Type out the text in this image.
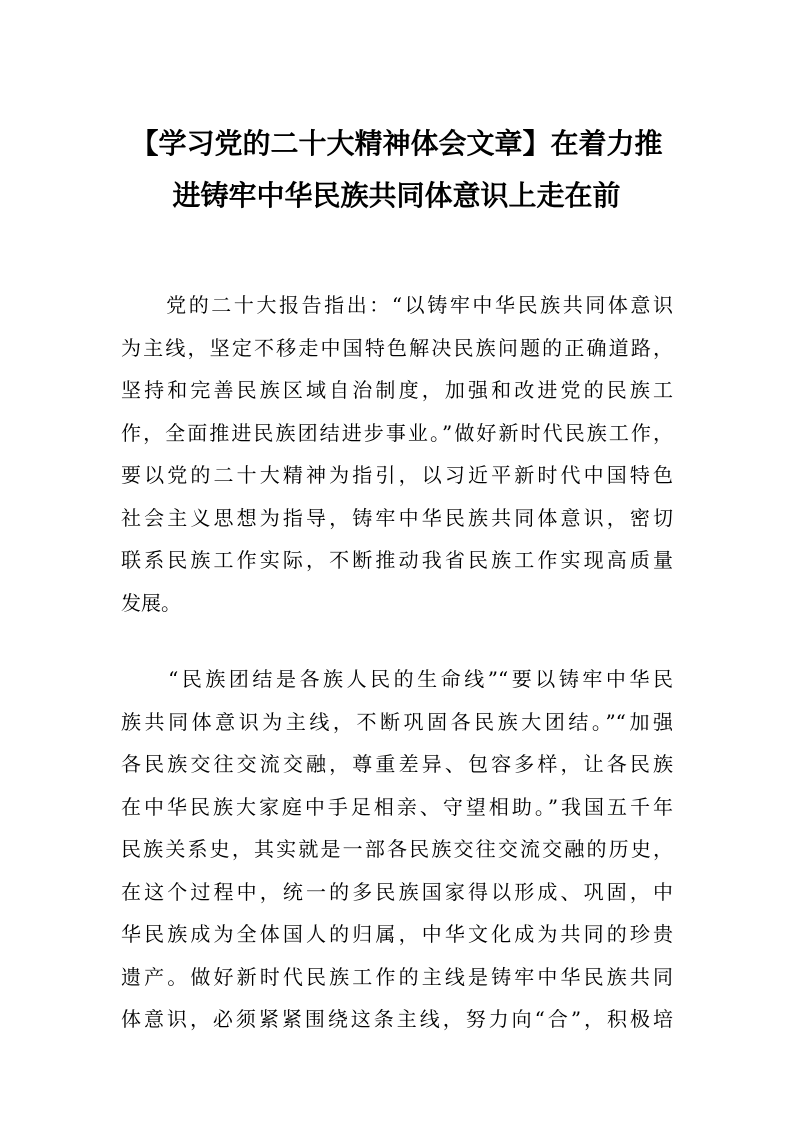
【学习党的二十大精神体会文章】在着力推
进铸牢中华民族共同体意识上走在前
　　党的二十大报告指出：“以铸牢中华民族共同体意识
为主线，坚定不移走中国特色解决民族问题的正确道路，
坚持和完善民族区域自治制度，加强和改进党的民族工
作，全面推进民族团结进步事业。”做好新时代民族工作，
要以党的二十大精神为指引，以习近平新时代中国特色
社会主义思想为指导，铸牢中华民族共同体意识，密切
联系民族工作实际，不断推动我省民族工作实现高质量
发展。
　　“民族团结是各族人民的生命线”“要以铸牢中华民
族共同体意识为主线，不断巩固各民族大团结。”“加强
各民族交往交流交融，尊重差异、包容多样，让各民族
在中华民族大家庭中手足相亲、守望相助。”我国五千年
民族关系史，其实就是一部各民族交往交流交融的历史，
在这个过程中，统一的多民族国家得以形成、巩固，中
华民族成为全体国人的归属，中华文化成为共同的珍贵
遗产。做好新时代民族工作的主线是铸牢中华民族共同
体意识，必须紧紧围绕这条主线，努力向“合”，积极培
